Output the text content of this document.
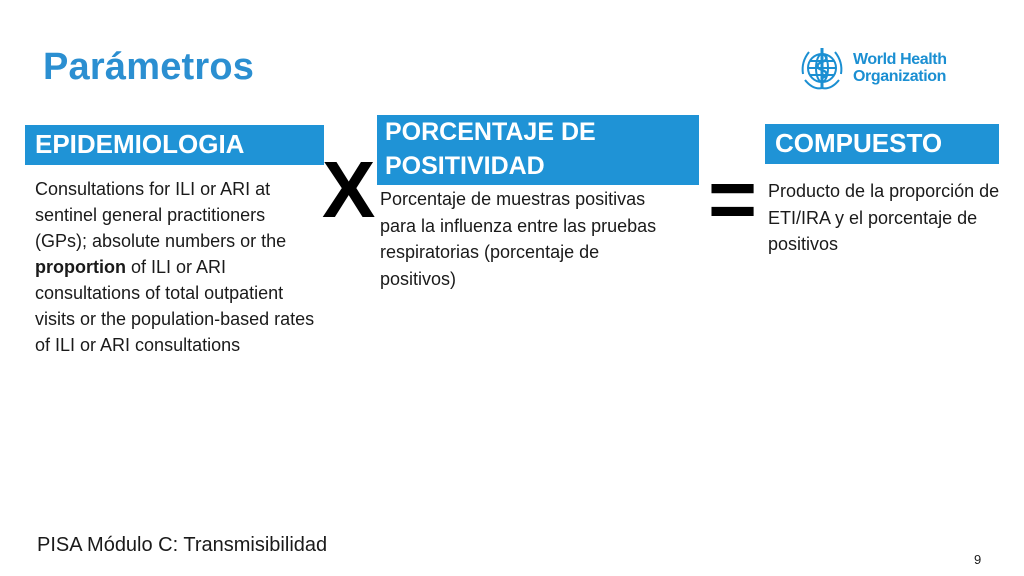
Parámetros	World Health
Organization
EPIDEMIOLOGIA	PORCENTAJE DE
POSITIVIDAD
COMPUESTO

Consultations for ILI or ARI at sentinel general practitioners (GPs); absolute numbers or the proportion of ILI or ARI consultations of total outpatient visits or the population-based rates of ILI or ARI consultations

X Porcentaje de muestras positivas para la influenza entre las pruebas respiratorias (porcentaje de positivos)

= Producto de la proporción de ETI/IRA y el porcentaje de positivos

PISA Módulo C: Transmisibilidad
9
